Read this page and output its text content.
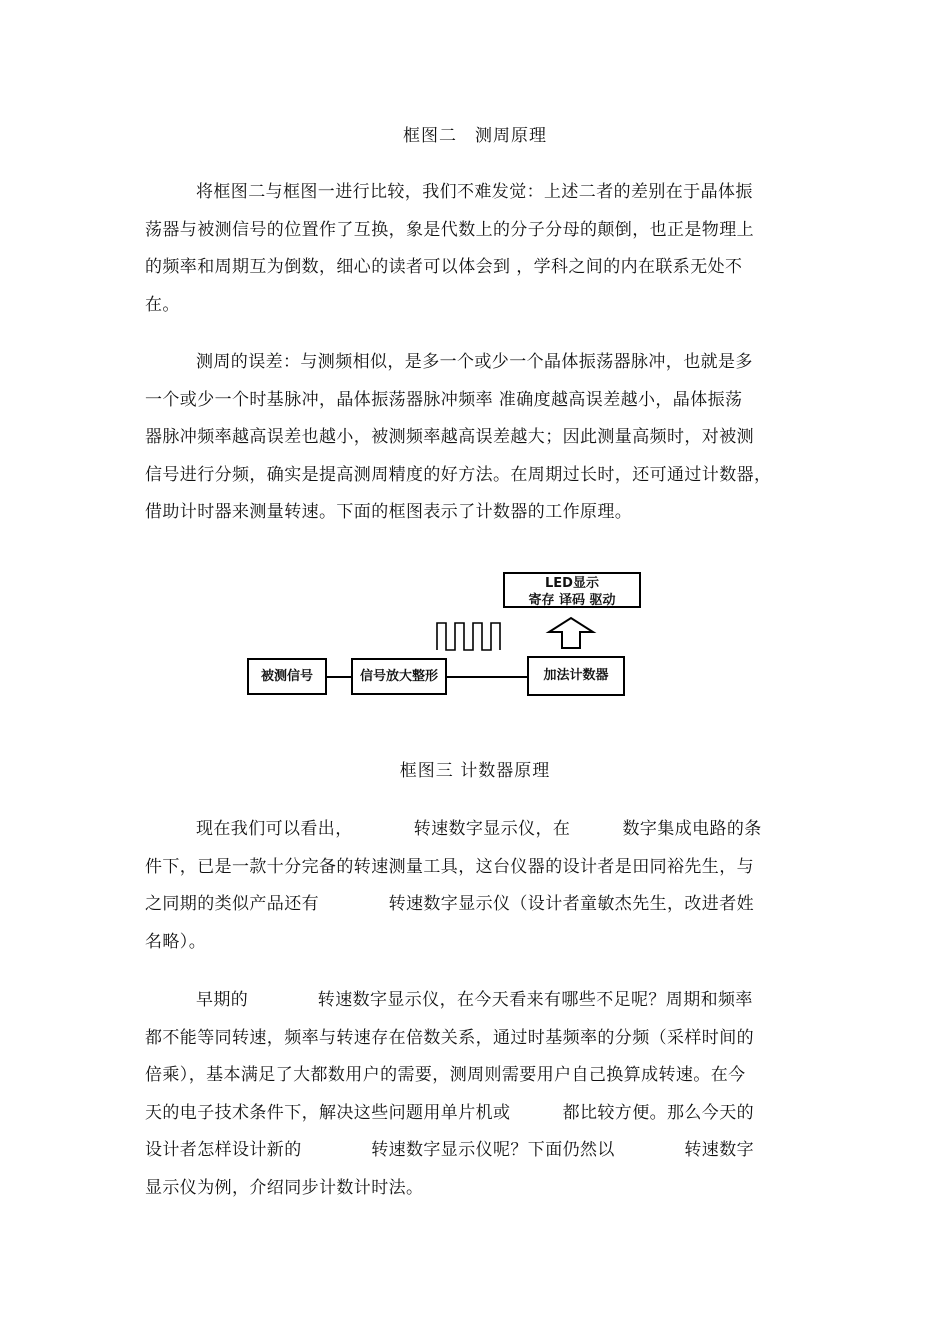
框图二　测周原理
将框图二与框图一进行比较，我们不难发觉：上述二者的差别在于晶体振
荡器与被测信号的位置作了互换，象是代数上的分子分母的颠倒，也正是物理上
的频率和周期互为倒数，细心的读者可以体会到 ，学科之间的内在联系无处不
在。
测周的误差：与测频相似，是多一个或少一个晶体振荡器脉冲，也就是多
一个或少一个时基脉冲，晶体振荡器脉冲频率 准确度越高误差越小，晶体振荡
器脉冲频率越高误差也越小，被测频率越高误差越大；因此测量高频时，对被测
信号进行分频，确实是提高测周精度的好方法。在周期过长时，还可通过计数器，
借助计时器来测量转速。下面的框图表示了计数器的工作原理。
LED显示
寄存 译码 驱动
被测信号	信号放大整形	加法计数器
框图三 计数器原理
现在我们可以看出，　　　　转速数字显示仪，在　　　数字集成电路的条
件下，已是一款十分完备的转速测量工具，这台仪器的设计者是田同裕先生，与
之同期的类似产品还有　　　　转速数字显示仪（设计者童敏杰先生，改进者姓
名略）。
早期的　　　　转速数字显示仪，在今天看来有哪些不足呢？周期和频率
都不能等同转速，频率与转速存在倍数关系，通过时基频率的分频（采样时间的
倍乘），基本满足了大都数用户的需要，测周则需要用户自己换算成转速。在今
天的电子技术条件下，解决这些问题用单片机或　　　都比较方便。那么今天的
设计者怎样设计新的　　　　转速数字显示仪呢？下面仍然以　　　　转速数字
显示仪为例，介绍同步计数计时法。
